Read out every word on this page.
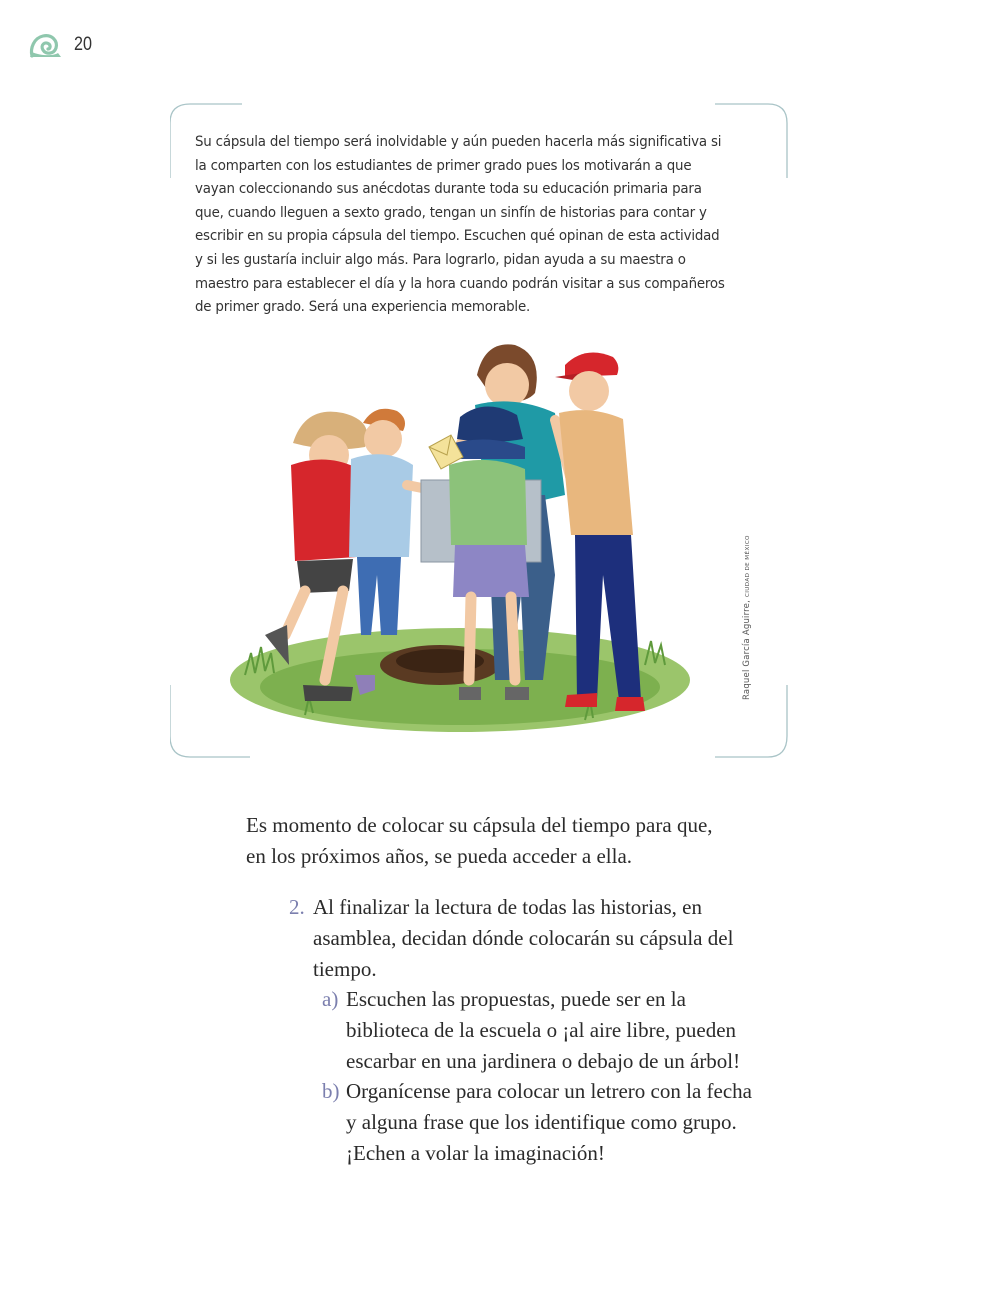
20
Su cápsula del tiempo será inolvidable y aún pueden hacerla más significativa si la comparten con los estudiantes de primer grado pues los motivarán a que vayan coleccionando sus anécdotas durante toda su educación primaria para que, cuando lleguen a sexto grado, tengan un sinfín de historias para contar y escribir en su propia cápsula del tiempo. Escuchen qué opinan de esta actividad y si les gustaría incluir algo más. Para lograrlo, pidan ayuda a su maestra o maestro para establecer el día y la hora cuando podrán visitar a sus compañeros de primer grado. Será una experiencia memorable.
Raquel García Aguirre, CIUDAD DE MÉXICO
Es momento de colocar su cápsula del tiempo para que, en los próximos años, se pueda acceder a ella.
2. Al finalizar la lectura de todas las historias, en asamblea, decidan dónde colocarán su cápsula del tiempo.
a) Escuchen las propuestas, puede ser en la biblioteca de la escuela o ¡al aire libre, pueden escarbar en una jardinera o debajo de un árbol!
b) Organícense para colocar un letrero con la fecha y alguna frase que los identifique como grupo. ¡Echen a volar la imaginación!
